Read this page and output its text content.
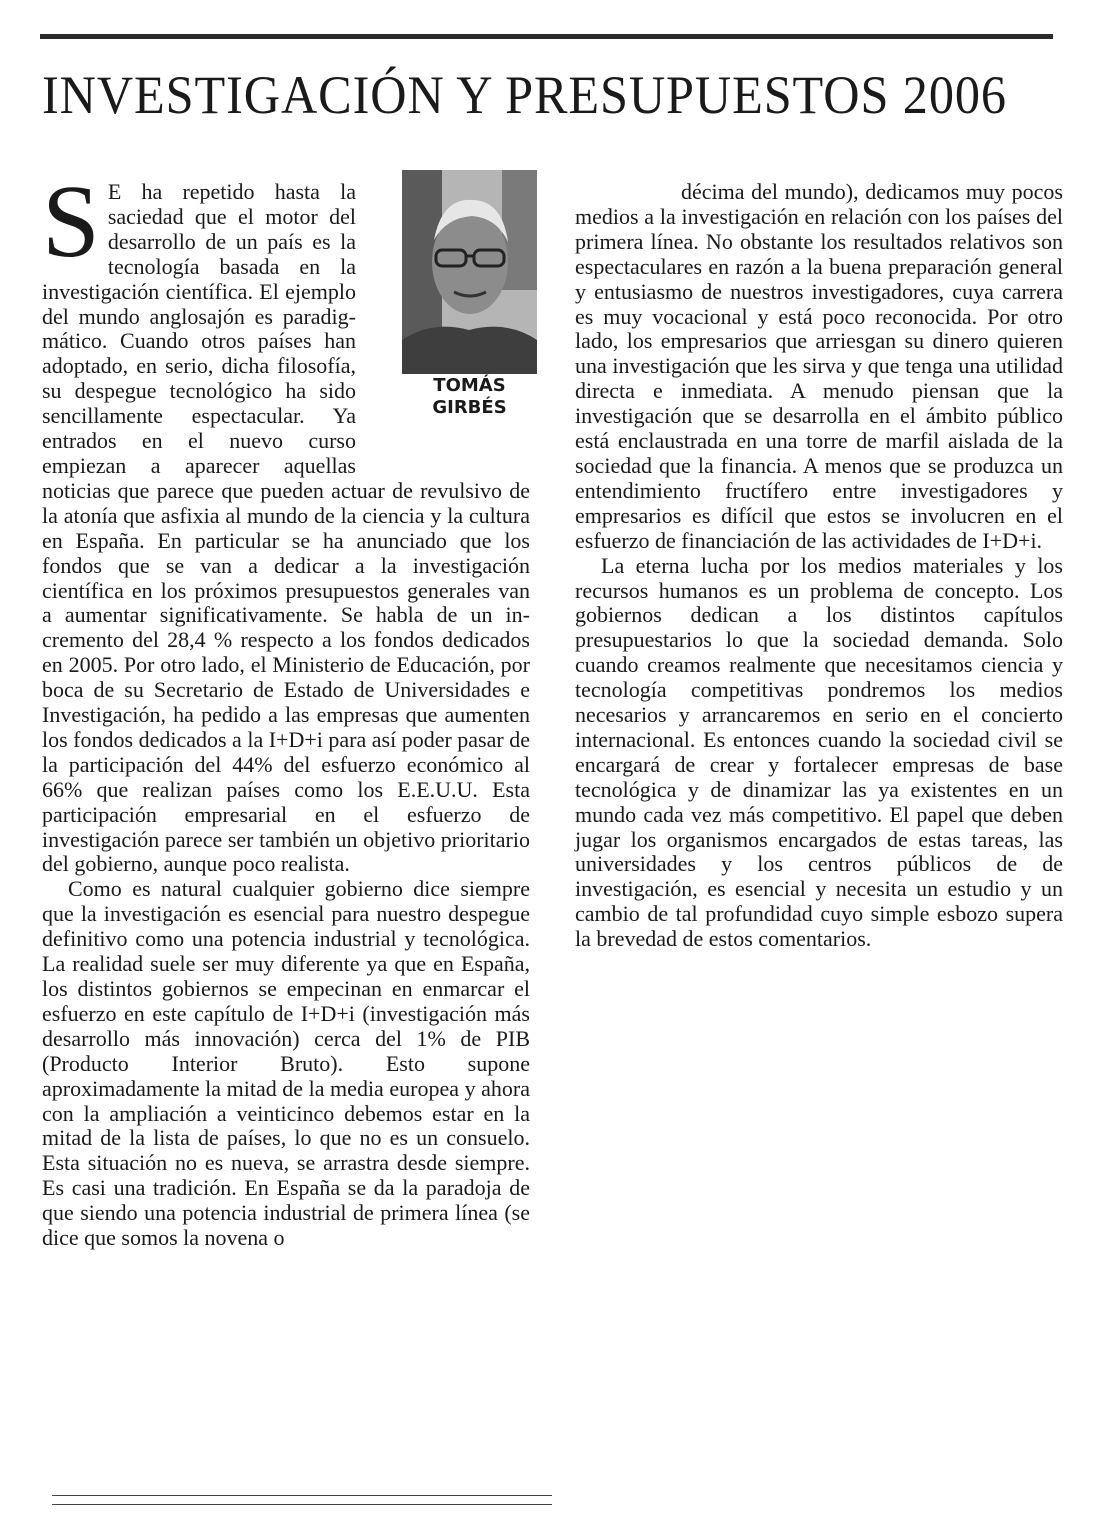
INVESTIGACIÓN Y PRESUPUESTOS 2006
TOMÁS
GIRBÉS
S E ha repetido hasta la saciedad que el motor del desarrollo de un país es la tecnología basada en la investigación científica. El ejemplo del mundo anglosajón es paradigmático. Cuando otros países han adoptado, en serio, dicha filosofía, su despegue tecnológico ha sido sencillamente espectacular. Ya entrados en el nuevo curso empiezan a aparecer aquellas noticias que parece que pueden actuar de revulsivo de la atonía que asfixia al mundo de la ciencia y la cultura en España. En particular se ha anunciado que los fondos que se van a dedicar a la investigación científica en los próximos presupuestos generales van a aumentar significativamente. Se habla de un incremento del 28,4 % respecto a los fondos dedicados en 2005. Por otro lado, el Ministerio de Educación, por boca de su Secretario de Estado de Universidades e Investigación, ha pedido a las empresas que aumenten los fondos dedicados a la I+D+i para así poder pasar de la participación del 44% del esfuerzo económico al 66% que realizan países como los E.E.U.U. Esta participación empresarial en el esfuerzo de investigación parece ser también un objetivo prioritario del gobierno, aunque poco realista.

Como es natural cualquier gobierno dice siempre que la investigación es esencial para nuestro despegue definitivo como una potencia industrial y tecnológica. La realidad suele ser muy diferente ya que en España, los distintos gobiernos se empecinan en enmarcar el esfuerzo en este capítulo de I+D+i (investigación más desarrollo más innovación) cerca del 1% de PIB (Producto Interior Bruto). Esto supone aproximadamente la mitad de la media europea y ahora con la ampliación a veinticinco debemos estar en la mitad de la lista de países, lo que no es un consuelo. Esta situación no es nueva, se arrastra desde siempre. Es casi una tradición. En España se da la paradoja de que siendo una potencia industrial de primera línea (se dice que somos la novena o

décima del mundo), dedicamos muy pocos medios a la investigación en relación con los países del primera línea. No obstante los resultados relativos son espectaculares en razón a la buena preparación general y entusiasmo de nuestros investigadores, cuya carrera es muy vocacional y está poco reconocida. Por otro lado, los empresarios que arriesgan su dinero quieren una investigación que les sirva y que tenga una utilidad directa e inmediata. A menudo piensan que la investigación que se desarrolla en el ámbito público está enclaustrada en una torre de marfil aislada de la sociedad que la financia. A menos que se produzca un entendimiento fructífero entre investigadores y empresarios es difícil que estos se involucren en el esfuerzo de financiación de las actividades de I+D+i.

La eterna lucha por los medios materiales y los recursos humanos es un problema de concepto. Los gobiernos dedican a los distintos capítulos presupuestarios lo que la sociedad demanda. Solo cuando creamos realmente que necesitamos ciencia y tecnología competitivas pondremos los medios necesarios y arrancaremos en serio en el concierto internacional. Es entonces cuando la sociedad civil se encargará de crear y fortalecer empresas de base tecnológica y de dinamizar las ya existentes en un mundo cada vez más competitivo. El papel que deben jugar los organismos encargados de estas tareas, las universidades y los centros públicos de de investigación, es esencial y necesita un estudio y un cambio de tal profundidad cuyo simple esbozo supera la brevedad de estos comentarios.
